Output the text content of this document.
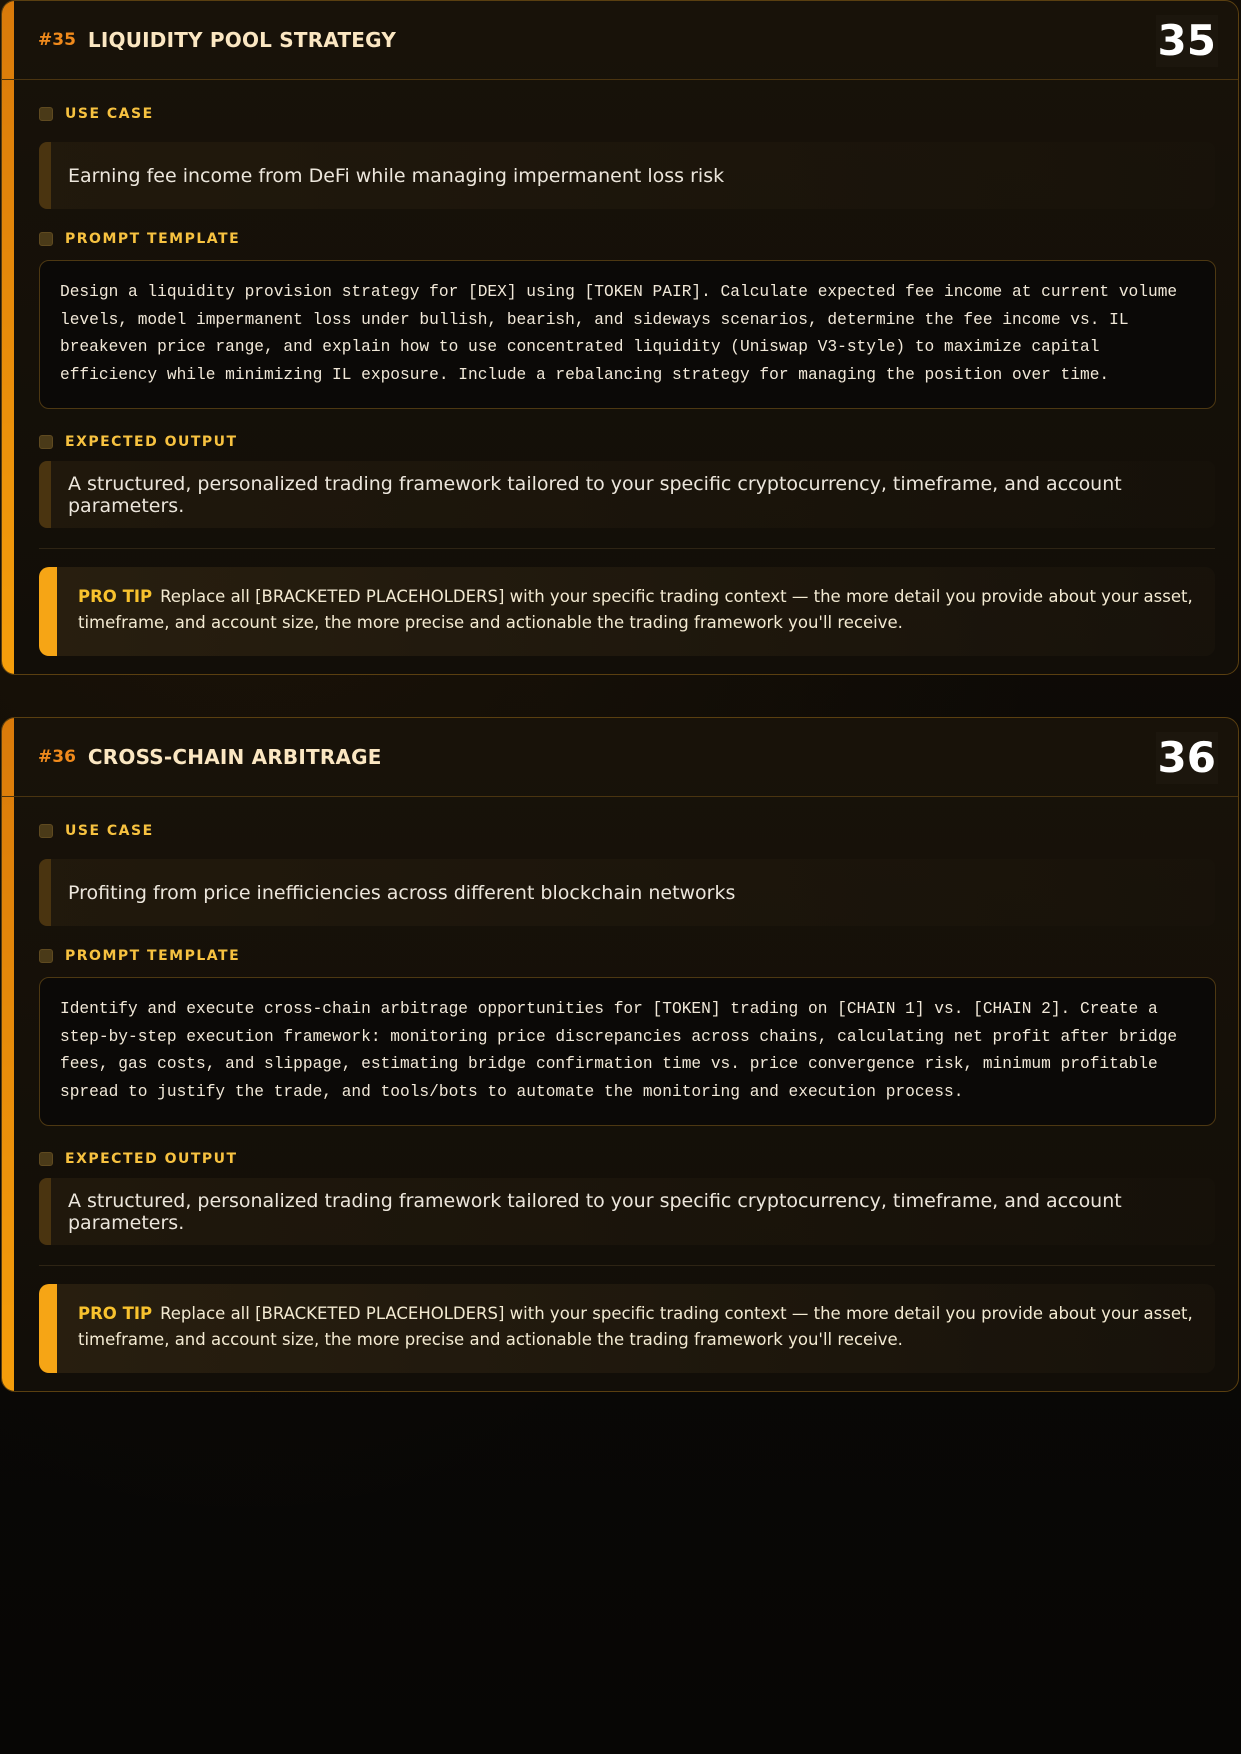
#35 LIQUIDITY POOL STRATEGY	35
USE CASE
Earning fee income from DeFi while managing impermanent loss risk
PROMPT TEMPLATE
Design a liquidity provision strategy for [DEX] using [TOKEN PAIR]. Calculate expected fee income at current volume
levels, model impermanent loss under bullish, bearish, and sideways scenarios, determine the fee income vs. IL
breakeven price range, and explain how to use concentrated liquidity (Uniswap V3-style) to maximize capital
efficiency while minimizing IL exposure. Include a rebalancing strategy for managing the position over time.
EXPECTED OUTPUT
A structured, personalized trading framework tailored to your specific cryptocurrency, timeframe, and account parameters.
PRO TIP Replace all [BRACKETED PLACEHOLDERS] with your specific trading context — the more detail you provide about your asset,
timeframe, and account size, the more precise and actionable the trading framework you'll receive.
#36 CROSS-CHAIN ARBITRAGE	36
USE CASE
Profiting from price inefficiencies across different blockchain networks
PROMPT TEMPLATE
Identify and execute cross-chain arbitrage opportunities for [TOKEN] trading on [CHAIN 1] vs. [CHAIN 2]. Create a
step-by-step execution framework: monitoring price discrepancies across chains, calculating net profit after bridge
fees, gas costs, and slippage, estimating bridge confirmation time vs. price convergence risk, minimum profitable
spread to justify the trade, and tools/bots to automate the monitoring and execution process.
EXPECTED OUTPUT
A structured, personalized trading framework tailored to your specific cryptocurrency, timeframe, and account parameters.
PRO TIP Replace all [BRACKETED PLACEHOLDERS] with your specific trading context — the more detail you provide about your asset,
timeframe, and account size, the more precise and actionable the trading framework you'll receive.
